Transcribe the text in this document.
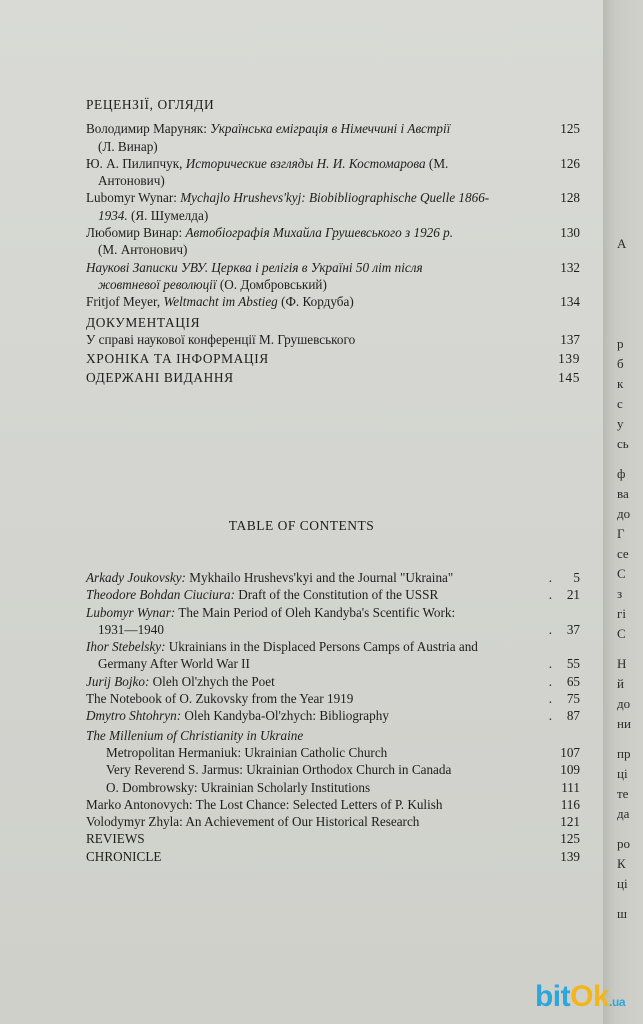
РЕЦЕНЗІЇ, ОГЛЯДИ
Володимир Маруняк: Українська еміграція в Німеччині і Австрії	125
(Л. Винар)
Ю. А. Пилипчук, Исторические взгляды Н. И. Костомарова (М.	126
Антонович)
Lubomyr Wynar: Mychajlo Hrushevs'kyj: Biobibliographische Quelle 1866-	128
1934. (Я. Шумелда)
Любомир Винар: Автобіографія Михайла Грушевського з 1926 р.	130
(М. Антонович)
Наукові Записки УВУ. Церква і релігія в Україні 50 літ після	132
жовтневої революції (О. Домбровський)
Fritjof Meyer, Weltmacht im Abstieg (Ф. Кордуба)	134
ДОКУМЕНТАЦІЯ
У справі наукової конференції М. Грушевського	137
ХРОНІКА ТА ІНФОРМАЦІЯ	139
ОДЕРЖАНІ ВИДАННЯ	145
TABLE OF CONTENTS
Arkady Joukovsky: Mykhailo Hrushevs'kyi and the Journal "Ukraina"	. 5
Theodore Bohdan Ciuciura: Draft of the Constitution of the USSR	. 21
Lubomyr Wynar: The Main Period of Oleh Kandyba's Scentific Work:
1931—1940	. 37
Ihor Stebelsky: Ukrainians in the Displaced Persons Camps of Austria and
Germany After World War II	. 55
Jurij Bojko: Oleh Ol'zhych the Poet	. 65
The Notebook of O. Zukovsky from the Year 1919	. 75
Dmytro Shtohryn: Oleh Kandyba-Ol'zhych: Bibliography	. 87
The Millenium of Christianity in Ukraine
Metropolitan Hermaniuk: Ukrainian Catholic Church	107
Very Reverend S. Jarmus: Ukrainian Orthodox Church in Canada	109
O. Dombrowsky: Ukrainian Scholarly Institutions	111
Marko Antonovych: The Lost Chance: Selected Letters of P. Kulish	116
Volodymyr Zhyla: An Achievement of Our Historical Research	121
REVIEWS	125
CHRONICLE	139
A
р
б
к
с
у
сь
ф
ва
до
Г
се
С
з
гі
С
Н
й
до
ни
пр
ці
те
да
ро
К
ці
ш
bitOk.ua
